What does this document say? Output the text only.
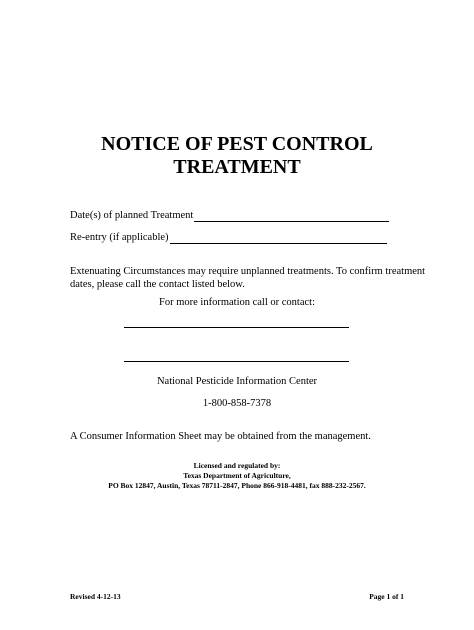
NOTICE OF PEST CONTROL
TREATMENT
Date(s) of planned Treatment
Re-entry (if applicable)
Extenuating Circumstances may require unplanned treatments. To confirm treatment
dates, please call the contact listed below.
For more information call or contact:
National Pesticide Information Center
1-800-858-7378
A Consumer Information Sheet may be obtained from the management.
Licensed and regulated by:
Texas Department of Agriculture,
PO Box 12847, Austin, Texas 78711-2847, Phone 866-918-4481, fax 888-232-2567.
Revised 4-12-13	Page 1 of 1
